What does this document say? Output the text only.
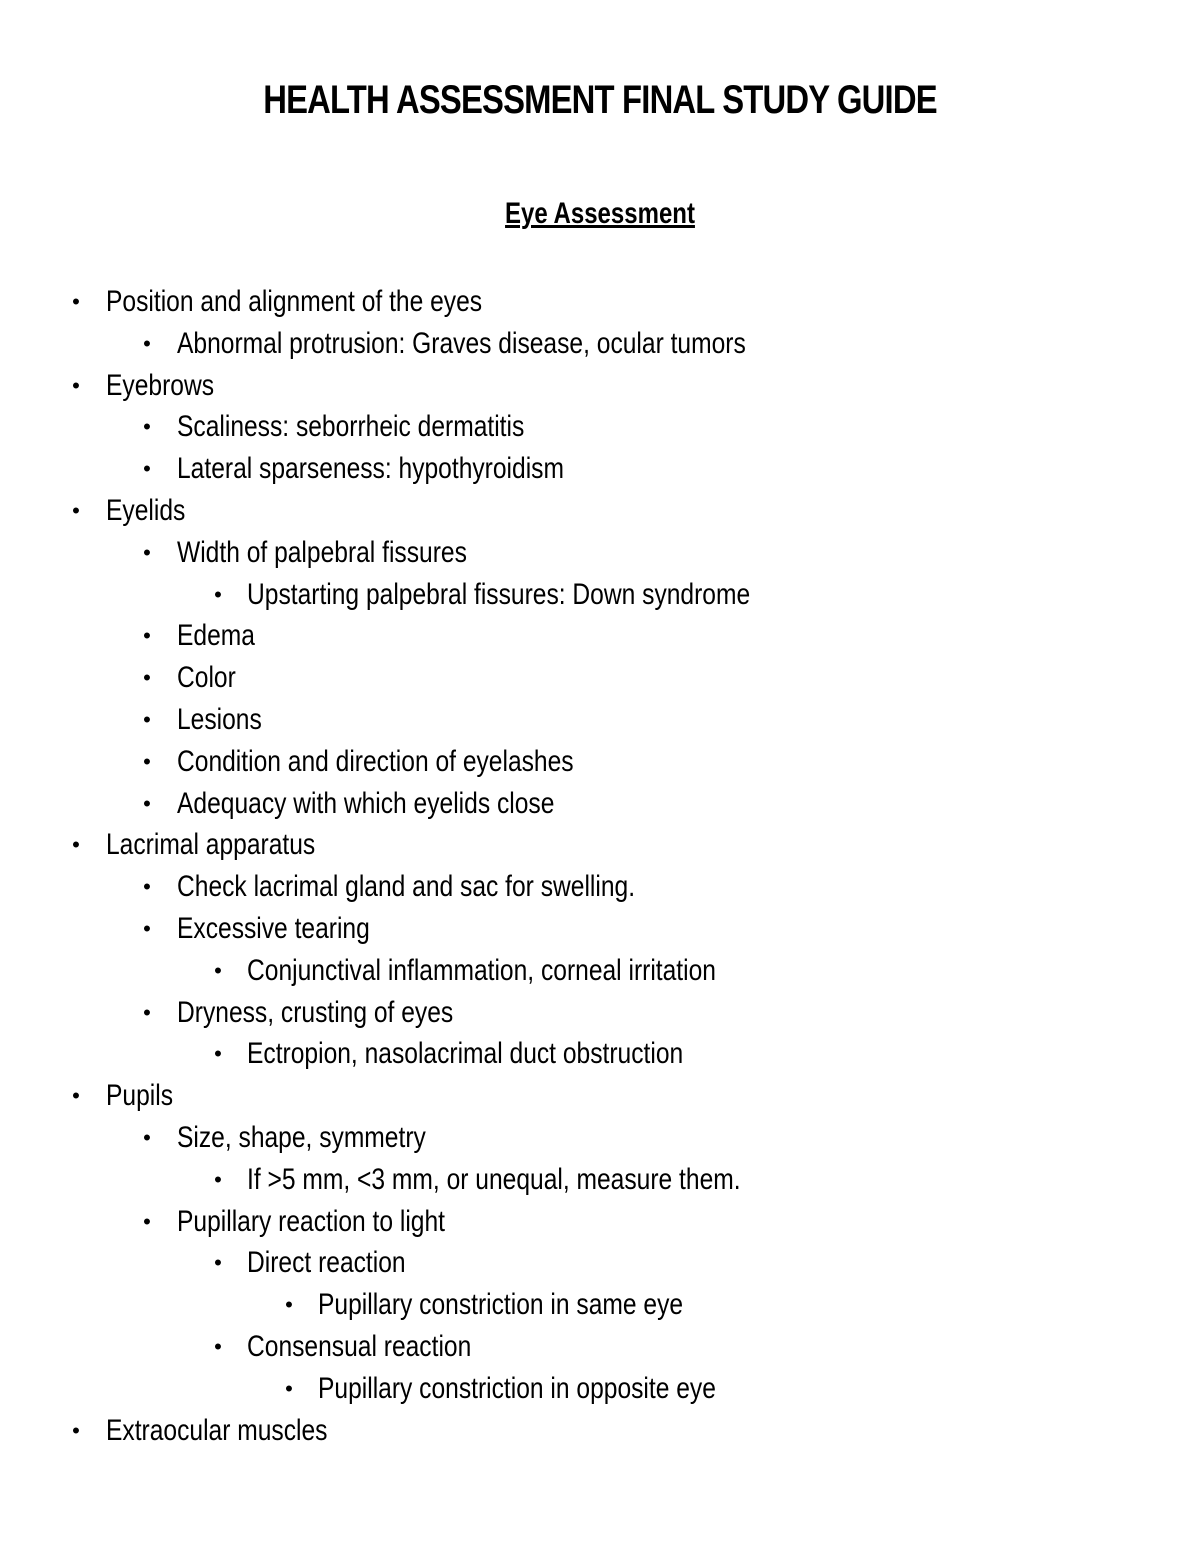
HEALTH ASSESSMENT FINAL STUDY GUIDE
Eye Assessment
• Position and alignment of the eyes
• Abnormal protrusion: Graves disease, ocular tumors
• Eyebrows
• Scaliness: seborrheic dermatitis
• Lateral sparseness: hypothyroidism
• Eyelids
• Width of palpebral fissures
• Upstarting palpebral fissures: Down syndrome
• Edema
• Color
• Lesions
• Condition and direction of eyelashes
• Adequacy with which eyelids close
• Lacrimal apparatus
• Check lacrimal gland and sac for swelling.
• Excessive tearing
• Conjunctival inflammation, corneal irritation
• Dryness, crusting of eyes
• Ectropion, nasolacrimal duct obstruction
• Pupils
• Size, shape, symmetry
• If >5 mm, <3 mm, or unequal, measure them.
• Pupillary reaction to light
• Direct reaction
• Pupillary constriction in same eye
• Consensual reaction
• Pupillary constriction in opposite eye
• Extraocular muscles
